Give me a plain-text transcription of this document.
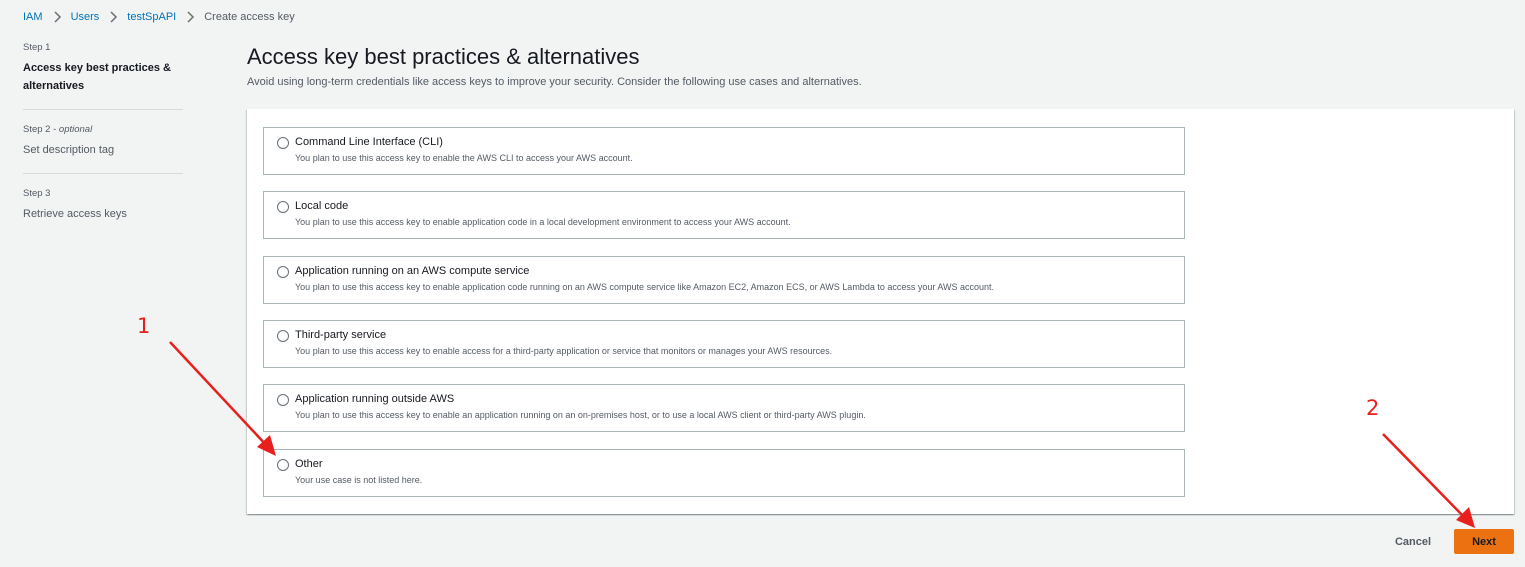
IAM	Users	testSpAPI	Create access key
Step 1
Access key best practices & alternatives
Step 2 - optional
Set description tag
Step 3
Retrieve access keys
Access key best practices & alternatives

Avoid using long-term credentials like access keys to improve your security. Consider the following use cases and alternatives.

Command Line Interface (CLI)
You plan to use this access key to enable the AWS CLI to access your AWS account.
Local code
You plan to use this access key to enable application code in a local development environment to access your AWS account.
Application running on an AWS compute service
You plan to use this access key to enable application code running on an AWS compute service like Amazon EC2, Amazon ECS, or AWS Lambda to access your AWS account.
Third-party service
You plan to use this access key to enable access for a third-party application or service that monitors or manages your AWS resources.
Application running outside AWS
You plan to use this access key to enable an application running on an on-premises host, or to use a local AWS client or third-party AWS plugin.
Other
Your use case is not listed here.
Cancel	Next
1
2
